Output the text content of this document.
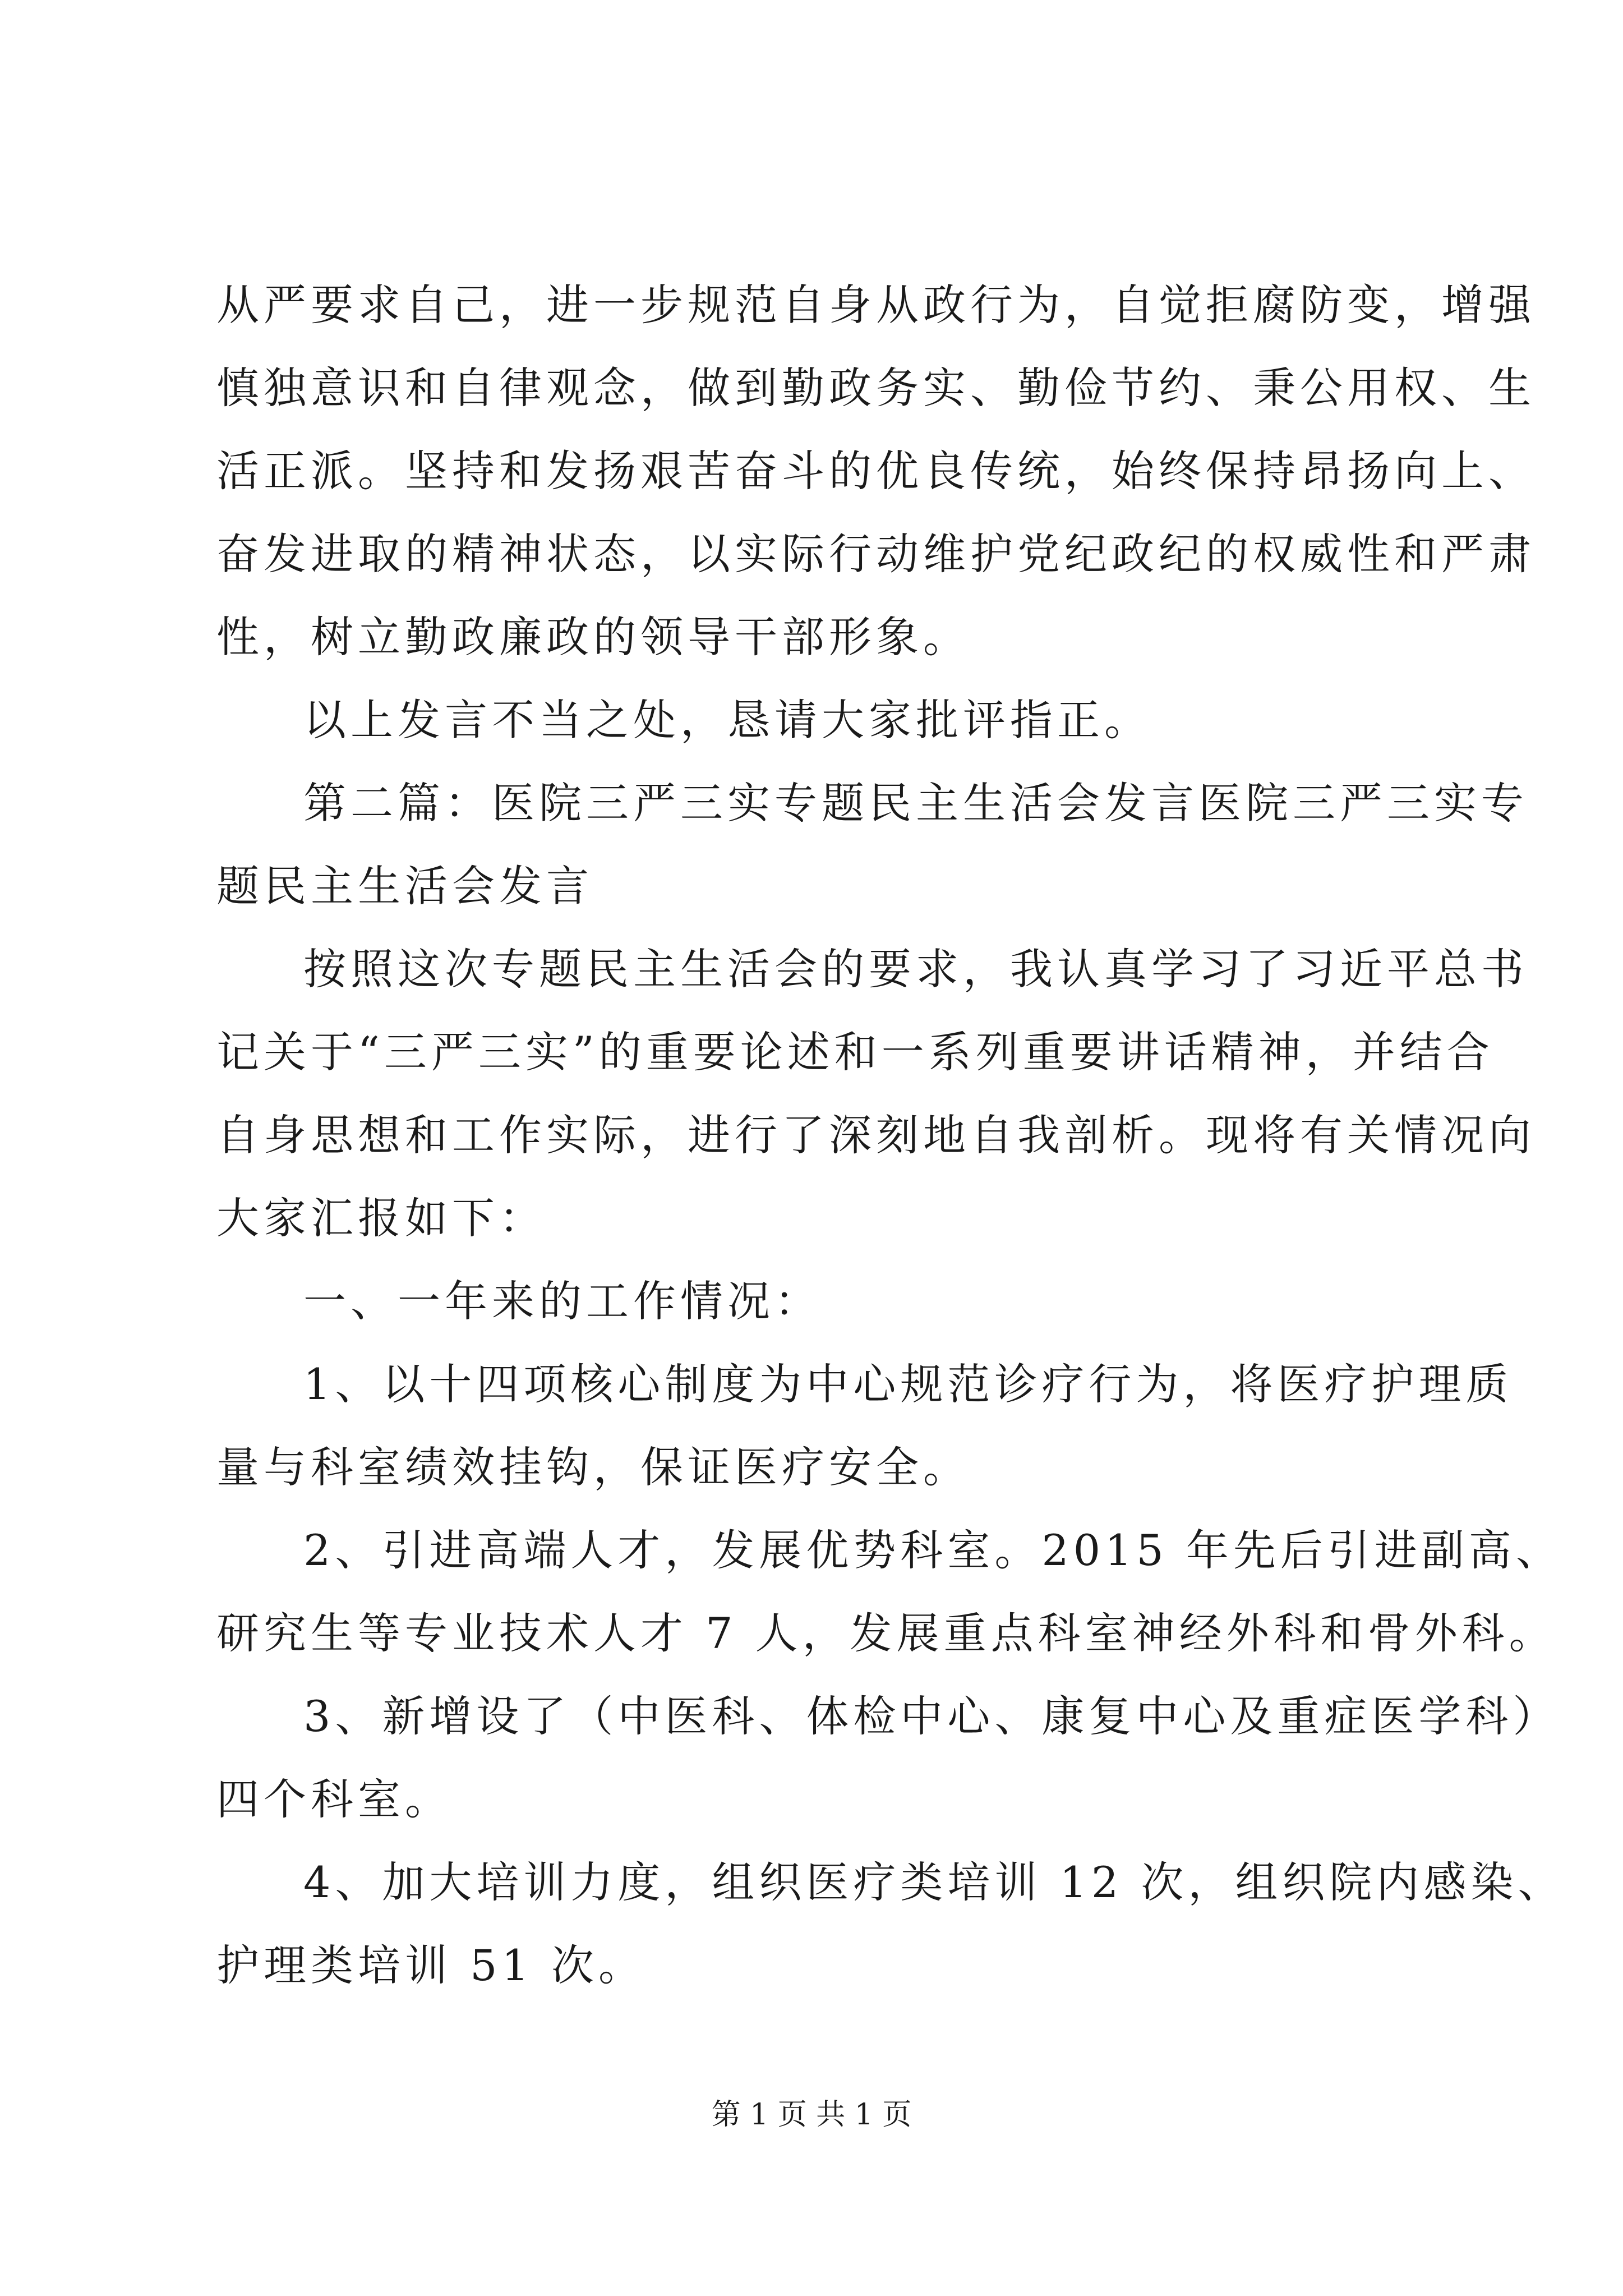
从严要求自己，进一步规范自身从政行为，自觉拒腐防变，增强
慎独意识和自律观念，做到勤政务实、勤俭节约、秉公用权、生
活正派。坚持和发扬艰苦奋斗的优良传统，始终保持昂扬向上、
奋发进取的精神状态，以实际行动维护党纪政纪的权威性和严肃
性，树立勤政廉政的领导干部形象。
以上发言不当之处，恳请大家批评指正。
第二篇：医院三严三实专题民主生活会发言医院三严三实专
题民主生活会发言
按照这次专题民主生活会的要求，我认真学习了习近平总书
记关于“三严三实”的重要论述和一系列重要讲话精神，并结合
自身思想和工作实际，进行了深刻地自我剖析。现将有关情况向
大家汇报如下：
一、一年来的工作情况：
1、以十四项核心制度为中心规范诊疗行为，将医疗护理质
量与科室绩效挂钩，保证医疗安全。
2、引进高端人才，发展优势科室。2015 年先后引进副高、
研究生等专业技术人才 7 人，发展重点科室神经外科和骨外科。
3、新增设了（中医科、体检中心、康复中心及重症医学科）
四个科室。
4、加大培训力度，组织医疗类培训 12 次，组织院内感染、
护理类培训 51 次。
第 1 页 共 1 页
